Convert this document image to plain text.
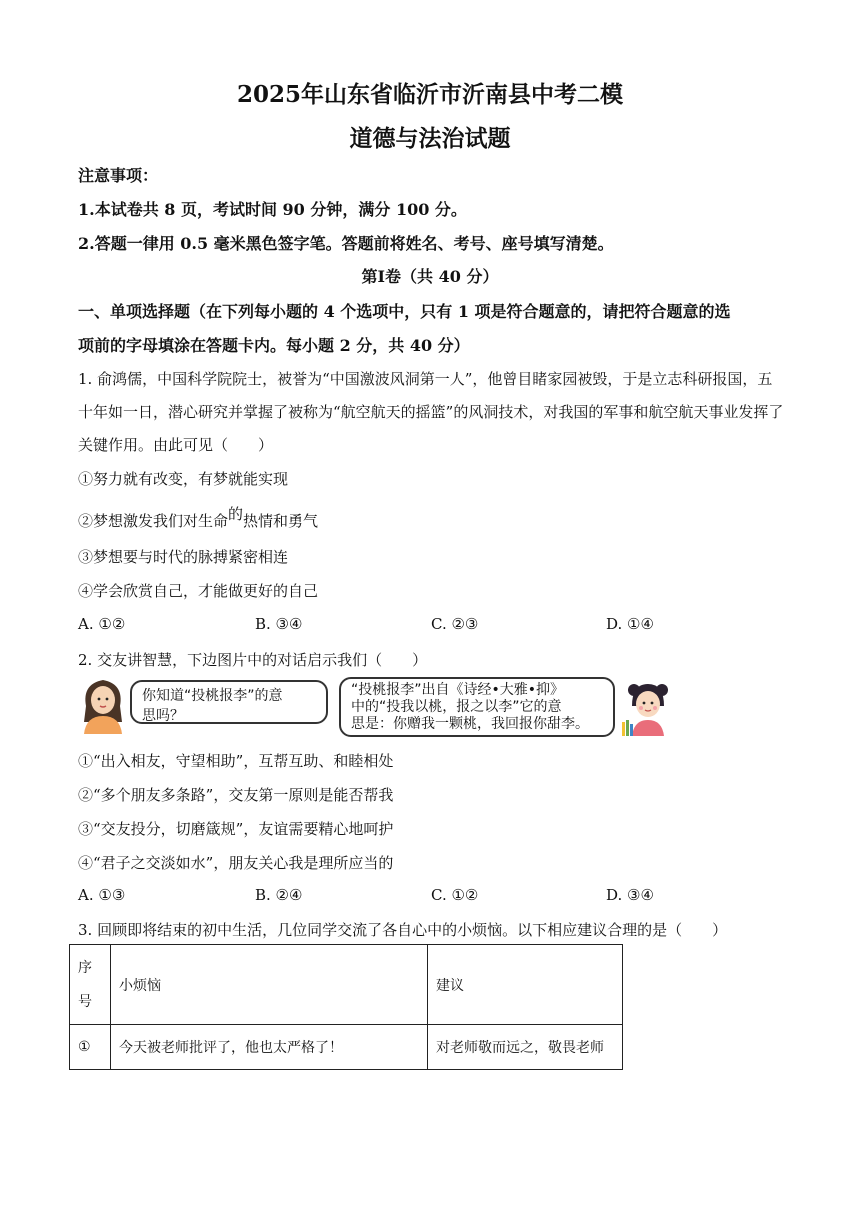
2025年山东省临沂市沂南县中考二模
道德与法治试题
注意事项：
1.本试卷共 8 页，考试时间 90 分钟，满分 100 分。
2.答题一律用 0.5 毫米黑色签字笔。答题前将姓名、考号、座号填写清楚。
第Ⅰ卷（共 40 分）
一、单项选择题（在下列每小题的 4 个选项中，只有 1 项是符合题意的，请把符合题意的选
项前的字母填涂在答题卡内。每小题 2 分，共 40 分）
1. 俞鸿儒，中国科学院院士，被誉为“中国激波风洞第一人”，他曾目睹家园被毁，于是立志科研报国，五
十年如一日，潜心研究并掌握了被称为“航空航天的摇篮”的风洞技术，对我国的军事和航空航天事业发挥了
关键作用。由此可见（　　）
①努力就有改变，有梦就能实现
②梦想激发我们对生命的热情和勇气
③梦想要与时代的脉搏紧密相连
④学会欣赏自己，才能做更好的自己
A. ①②	B. ③④	C. ②③	D. ①④
2. 交友讲智慧，下边图片中的对话启示我们（　　）
你知道“投桃报李”的意
思吗？
“投桃报李”出自《诗经•大雅•抑》
中的“投我以桃，报之以李”它的意
思是：你赠我一颗桃，我回报你甜李。
①“出入相友，守望相助”，互帮互助、和睦相处
②“多个朋友多条路”，交友第一原则是能否帮我
③“交友投分，切磨箴规”，友谊需要精心地呵护
④“君子之交淡如水”，朋友关心我是理所应当的
A. ①③	B. ②④	C. ①②	D. ③④
3. 回顾即将结束的初中生活，几位同学交流了各自心中的小烦恼。以下相应建议合理的是（　　）
序
号	小烦恼	建议
①	今天被老师批评了，他也太严格了！	对老师敬而远之，敬畏老师
